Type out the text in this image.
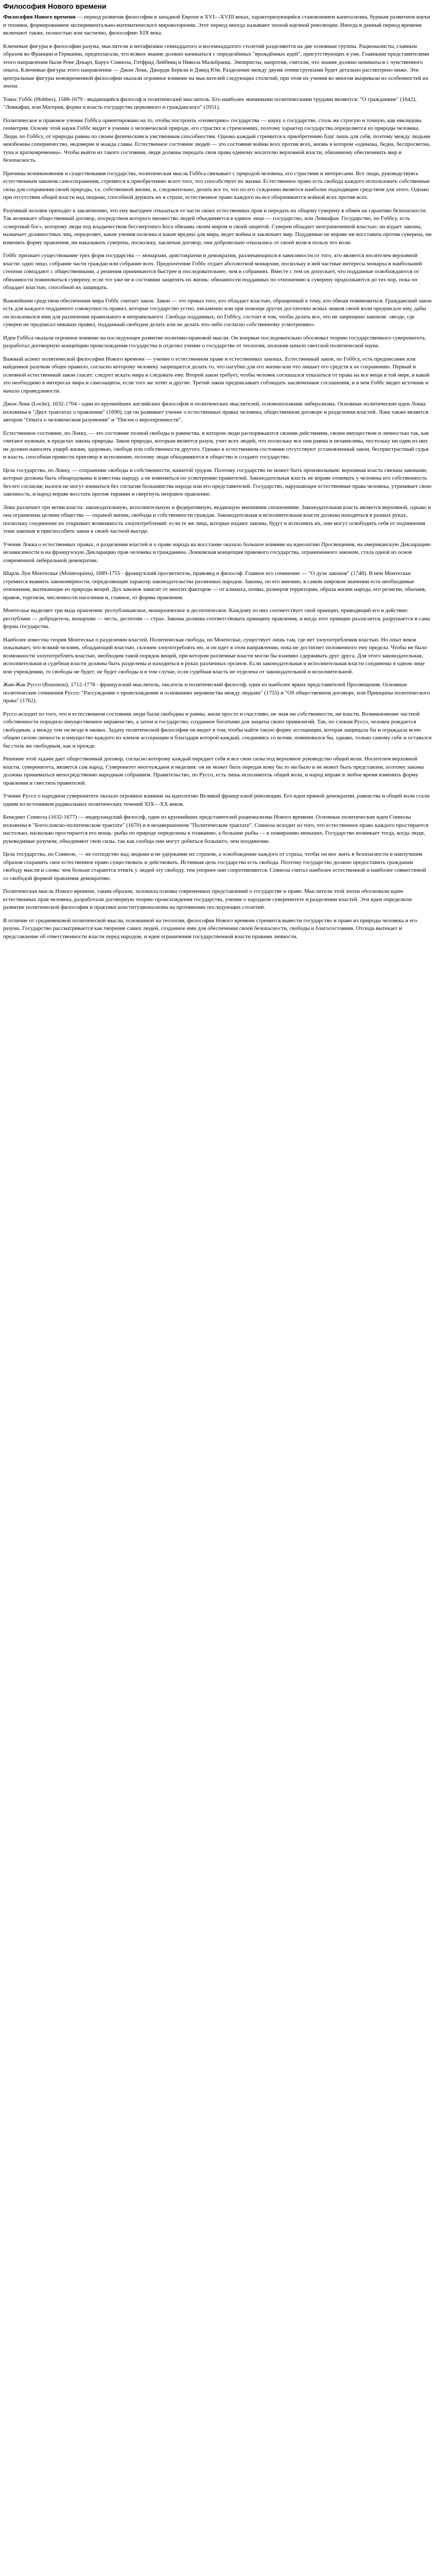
Философия Нового времени

Философия Нового времени — период развития философии в западной Европе в XVI—XVIII веках, характеризующийся становлением капитализма, бурным развитием науки и техники, формированием экспериментально-математического мировоззрения. Этот период иногда называют эпохой научной революции. Иногда в данный период времени включают также, полностью или частично, философию XIX века.

Ключевые фигуры в философии разума, мыслители и метафизики семнадцатого и восемнадцатого столетий разделяются на две основные группы. Рационалисты, главным образом во Франции и Германии, предполагали, что всякое знание должно начинаться с определённых "врождённых идей", присутствующих в уме. Главными представителями этого направления были Рене Декарт, Барух Спиноза, Готфрид Лейбниц и Никола Мальбранш. Эмпиристы, напротив, считали, что знание должно начинаться с чувственного опыта. Ключевые фигуры этого направления — Джон Локк, Джордж Беркли и Дэвид Юм. Разделение между двумя этими группами будет детально рассмотрено ниже. Эти центральные фигуры нововременной философии оказали огромное влияние на мыслителей следующих столетий; при этом их учения во многом вызревали из особенностей их эпохи.

Томас Гоббс (Hobbes), 1588-1679 - выдающийся философ и политический мыслитель. Его наиболее значимыми политическими трудами являются: "О гражданине" (1642), "Левиафан, или Материя, форма и власть государства церковного и гражданского" (1651).

Политическое и правовое учение Гоббса ориентировано на то, чтобы построить «геометрию» государства — науку о государстве, столь же строгую и точную, как евклидова геометрия. Основу этой науки Гоббс видит в учении о человеческой природе, его страстях и стремлениях, поэтому характер государства определяется из природы человека. Люди, по Гоббсу, от природы равны по своим физическим и умственным способностям. Однако каждый стремится к приобретению благ лишь для себя, поэтому между людьми неизбежны соперничество, недоверие и жажда славы. Естественное состояние людей — это состояние войны всех против всех, жизнь в котором «одинока, бедна, беспросветна, тупа и кратковременна». Чтобы выйти из такого состояния, люди должны передать свои права единому носителю верховной власти, обязанному обеспечивать мир и безопасность.

Причины возникновения и существования государства, политическая мысль Гоббса связывает с природой человека, его страстями и интересами. Все люди, руководствуясь естественным законом самосохранения, стремятся к приобретению всего того, что способствует их жизни. Естественное право есть свобода каждого использовать собственные силы для сохранения своей природы, т.е. собственной жизни, и, следовательно, делать все то, что по его суждению является наиболее подходящим средством для этого. Однако при отсутствии общей власти над людьми, способной держать их в страхе, естественное право каждого на все оборачивается войной всех против всех.

Разумный человек приходит к заключению, что ему выгоднее отказаться от части своих естественных прав и передать их общему суверену в обмен на гарантию безопасности. Так возникает общественный договор, посредством которого множество людей объединяется в единое лицо — государство, или Левиафан. Государство, по Гоббсу, есть «смертный бог», которому люди под владычеством бессмертного Бога обязаны своим миром и своей защитой. Суверен обладает неограниченной властью: он издает законы, назначает должностных лиц, определяет, какие учения полезны и какие вредны для мира, ведет войны и заключает мир. Подданные не вправе ни восставать против суверена, ни изменять форму правления, ни наказывать суверена, поскольку, заключая договор, они добровольно отказались от своей воли в пользу его воли.

Гоббс признает существование трех форм государства — монархии, аристократии и демократии, различающихся в зависимости от того, кто является носителем верховной власти: одно лицо, собрание части граждан или собрание всех. Предпочтение Гоббс отдает абсолютной монархии, поскольку в ней частные интересы монарха в наибольшей степени совпадают с общественными, а решения принимаются быстрее и последовательнее, чем в собраниях. Вместе с тем он допускает, что подданные освобождаются от обязанности повиноваться суверену, если тот уже не в состоянии защитить их жизнь: обязанности подданных по отношению к суверену продолжаются до тех пор, пока он обладает властью, способной их защищать.

Важнейшим средством обеспечения мира Гоббс считает закон. Закон — это приказ того, кто обладает властью, обращенный к тому, кто обязан повиноваться. Гражданский закон есть для каждого подданного совокупность правил, которые государство устно, письменно или при помощи других достаточно ясных знаков своей воли предписало ему, дабы он пользовался ими для различения правильного и неправильного. Свобода подданных, по Гоббсу, состоит в том, чтобы делать все, что не запрещено законом: «везде, где суверен не предписал никаких правил, подданный свободен делать или не делать что-либо согласно собственному усмотрению».

Идеи Гоббса оказали огромное влияние на последующее развитие политико-правовой мысли. Он впервые последовательно обосновал теорию государственного суверенитета, разработал договорную концепцию происхождения государства и отделил учение о государстве от теологии, положив начало светской политической науке.

Важный аспект политической философии Нового времени — учение о естественном праве и естественных законах. Естественный закон, по Гоббсу, есть предписание или найденное разумом общее правило, согласно которому человеку запрещается делать то, что пагубно для его жизни или что лишает его средств к ее сохранению. Первый и основной естественный закон гласит: следует искать мира и следовать ему. Второй закон требует, чтобы человек соглашался отказаться от права на все вещи в той мере, в какой это необходимо в интересах мира и самозащиты, если того же хотят и другие. Третий закон предписывает соблюдать заключенные соглашения, и в нем Гоббс видит источник и начало справедливости.

Джон Локк (Locke), 1632-1704 - один из крупнейших английских философов и политических мыслителей, основоположник либерализма. Основные политические идеи Локка изложены в "Двух трактатах о правлении" (1690), где он развивает учение о естественных правах человека, общественном договоре и разделении властей. Локк также является автором "Опыта о человеческом разумении" и "Писем о веротерпимости".

Естественное состояние, по Локку, — это состояние полной свободы и равенства, в котором люди распоряжаются своими действиями, своим имуществом и личностью так, как считают нужным, в пределах закона природы. Закон природы, которым является разум, учит всех людей, что поскольку все они равны и независимы, постольку ни один из них не должен наносить ущерб жизни, здоровью, свободе или собственности другого. Однако в естественном состоянии отсутствуют установленный закон, беспристрастный судья и власть, способная привести приговор в исполнение, поэтому люди объединяются в общество и создают государство.

Цель государства, по Локку, — сохранение свободы и собственности, нажитой трудом. Поэтому государство не может быть произвольным: верховная власть связана законами, которые должны быть обнародованы и известны народу, а не изменяться по усмотрению правителей. Законодательная власть не вправе отнимать у человека его собственность без его согласия; налоги не могут взиматься без согласия большинства народа или его представителей. Государство, нарушающее естественные права человека, утрачивает свою законность, и народ вправе восстать против тирании и свергнуть неправое правление.

Локк различает три ветви власти: законодательную, исполнительную и федеративную, ведающую внешними сношениями. Законодательная власть является верховной, однако и она ограничена целями общества — охраной жизни, свободы и собственности граждан. Законодательная и исполнительная власти должны находиться в разных руках, поскольку соединение их открывает возможность злоупотреблений: если те же лица, которые издают законы, будут и исполнять их, они могут освободить себя от подчинения этим законам и приспособить закон к своей частной выгоде.

Учение Локка о естественных правах, о разделении властей и о праве народа на восстание оказало большое влияние на идеологию Просвещения, на американскую Декларацию независимости и на французскую Декларацию прав человека и гражданина. Локковская концепция правового государства, ограниченного законом, стала одной из основ современной либеральной демократии.

Шарль Луи Монтескье (Montesquieu), 1689-1755 - французский просветитель, правовед и философ. Главное его сочинение — "О духе законов" (1748). В нем Монтескье стремится выявить закономерности, определяющие характер законодательства различных народов. Законы, по его мнению, в самом широком значении есть необходимые отношения, вытекающие из природы вещей. Дух законов зависит от многих факторов — от климата, почвы, размеров территории, образа жизни народа, его религии, обычаев, нравов, торговли, численности населения и, главное, от формы правления.

Монтескье выделяет три вида правления: республиканское, монархическое и деспотическое. Каждому из них соответствует свой принцип, приводящий его в действие: республике — добродетель, монархии — честь, деспотии — страх. Законы должны соответствовать принципу правления, и когда этот принцип разлагается, разрушается и сама форма государства.

Наиболее известна теория Монтескье о разделении властей. Политическая свобода, по Монтескье, существует лишь там, где нет злоупотребления властью. Но опыт веков показывает, что всякий человек, обладающий властью, склонен злоупотреблять ею, и он идет в этом направлении, пока не достигнет положенного ему предела. Чтобы не было возможности злоупотреблять властью, необходим такой порядок вещей, при котором различные власти могли бы взаимно сдерживать друг друга. Для этого законодательная, исполнительная и судебная власти должны быть разделены и находиться в руках различных органов. Если законодательная и исполнительная власти соединены в одном лице или учреждении, то свободы не будет; не будет свободы и в том случае, если судебная власть не отделена от законодательной и исполнительной.

Жан-Жак Руссо (Rousseau), 1712-1778 - французский мыслитель, писатель и политический философ, один из наиболее ярких представителей Просвещения. Основные политические сочинения Руссо: "Рассуждение о происхождении и основаниях неравенства между людьми" (1755) и "Об общественном договоре, или Принципы политического права" (1762).

Руссо исходит из того, что в естественном состоянии люди были свободны и равны, жили просто и счастливо, не зная ни собственности, ни власти. Возникновение частной собственности породило имущественное неравенство, а затем и государство, созданное богатыми для защиты своих привилегий. Так, по словам Руссо, человек рождается свободным, а между тем он везде в оковах. Задачу политической философии он видит в том, чтобы найти такую форму ассоциации, которая защищала бы и ограждала всею общею силою личность и имущество каждого из членов ассоциации и благодаря которой каждый, соединяясь со всеми, повиновался бы, однако, только самому себе и оставался бы столь же свободным, как и прежде.

Решение этой задачи дает общественный договор, согласно которому каждый передает себя и все свои силы под верховное руководство общей воли. Носителем верховной власти, суверенитета, является сам народ. Суверенитет неотчуждаем и неделим: он не может быть передан кому бы то ни было и не может быть представлен, поэтому законы должны приниматься непосредственно народным собранием. Правительство, по Руссо, есть лишь исполнитель общей воли, и народ вправе в любое время изменить форму правления и сместить правителей.

Учение Руссо о народном суверенитете оказало огромное влияние на идеологию Великой французской революции. Его идеи прямой демократии, равенства и общей воли стали одним из источников радикальных политических течений XIX—XX веков.

Бенедикт Спиноза (1632-1677) — нидерландский философ, один из крупнейших представителей рационализма Нового времени. Основные политические идеи Спинозы изложены в "Богословско-политическом трактате" (1670) и в незавершенном "Политическом трактате". Спиноза исходит из того, что естественное право каждого простирается настолько, насколько простирается его мощь: рыбы по природе определены к плаванию, а большие рыбы — к пожиранию меньших. Государство возникает тогда, когда люди, руководимые разумом, объединяют свои силы, так как сообща они могут добиться большего, чем поодиночке.

Цель государства, по Спинозе, — не господство над людьми и не удержание их страхом, а освобождение каждого от страха, чтобы он мог жить в безопасности и наилучшим образом сохранять свое естественное право существовать и действовать. Истинная цель государства есть свобода. Поэтому государство должно предоставить гражданам свободу мысли и слова: чем больше стараются отнять у людей эту свободу, тем упорнее они сопротивляются. Спиноза считал наиболее естественной и наиболее совместимой со свободой формой правления демократию.

Политическая мысль Нового времени, таким образом, заложила основы современных представлений о государстве и праве. Мыслители этой эпохи обосновали идею естественных прав человека, разработали договорную теорию происхождения государства, учение о народном суверенитете и разделении властей. Эти идеи определили развитие политической философии и практики конституционализма на протяжении последующих столетий.

В отличие от средневековой политической мысли, основанной на теологии, философия Нового времени стремится вывести государство и право из природы человека и его разума. Государство рассматривается как творение самих людей, созданное ими для обеспечения своей безопасности, свободы и благосостояния. Отсюда вытекает и представление об ответственности власти перед народом, и идея ограничения государственной власти правами личности.
